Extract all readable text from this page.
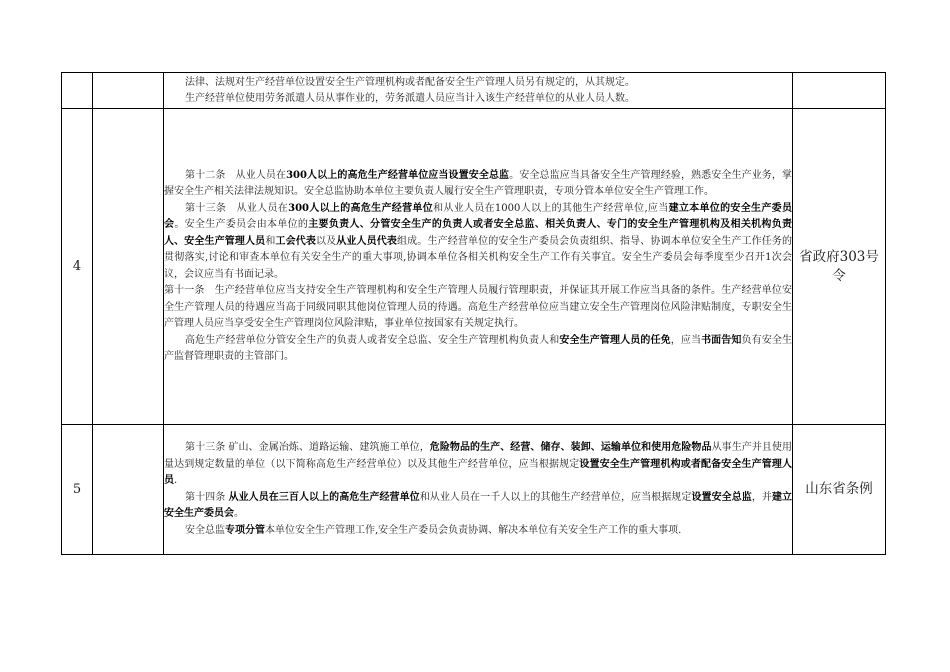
		法律、法规对生产经营单位设置安全生产管理机构或者配备安全生产管理人员另有规定的，从其规定。

生产经营单位使用劳务派遣人员从事作业的，劳务派遣人员应当计入该生产经营单位的从业人员人数。	

4		第十二条　从业人员在300人以上的高危生产经营单位应当设置安全总监。安全总监应当具备安全生产管理经验，熟悉安全生产业务，掌握安全生产相关法律法规知识。安全总监协助本单位主要负责人履行安全生产管理职责，专项分管本单位安全生产管理工作。

第十三条　从业人员在300人以上的高危生产经营单位和从业人员在1000人以上的其他生产经营单位,应当建立本单位的安全生产委员会。安全生产委员会由本单位的主要负责人、分管安全生产的负责人或者安全总监、相关负责人、专门的安全生产管理机构及相关机构负责人、安全生产管理人员和工会代表以及从业人员代表组成。生产经营单位的安全生产委员会负责组织、指导、协调本单位安全生产工作任务的贯彻落实,讨论和审查本单位有关安全生产的重大事项,协调本单位各相关机构安全生产工作有关事宜。安全生产委员会每季度至少召开1次会议，会议应当有书面记录。

第十一条　生产经营单位应当支持安全生产管理机构和安全生产管理人员履行管理职责，并保证其开展工作应当具备的条件。生产经营单位安全生产管理人员的待遇应当高于同级同职其他岗位管理人员的待遇。高危生产经营单位应当建立安全生产管理岗位风险津贴制度，专职安全生产管理人员应当享受安全生产管理岗位风险津贴，事业单位按国家有关规定执行。

高危生产经营单位分管安全生产的负责人或者安全总监、安全生产管理机构负责人和安全生产管理人员的任免，应当书面告知负有安全生产监督管理职责的主管部门。	省政府303号令
5		第十三条 矿山、金属冶炼、道路运输、建筑施工单位，危险物品的生产、经营、储存、装卸、运输单位和使用危险物品从事生产并且使用量达到规定数量的单位（以下简称高危生产经营单位）以及其他生产经营单位，应当根据规定设置安全生产管理机构或者配备安全生产管理人员.

第十四条 从业人员在三百人以上的高危生产经营单位和从业人员在一千人以上的其他生产经营单位，应当根据规定设置安全总监，并建立安全生产委员会。

安全总监专项分管本单位安全生产管理工作,安全生产委员会负责协调、解决本单位有关安全生产工作的重大事项.	山东省条例
